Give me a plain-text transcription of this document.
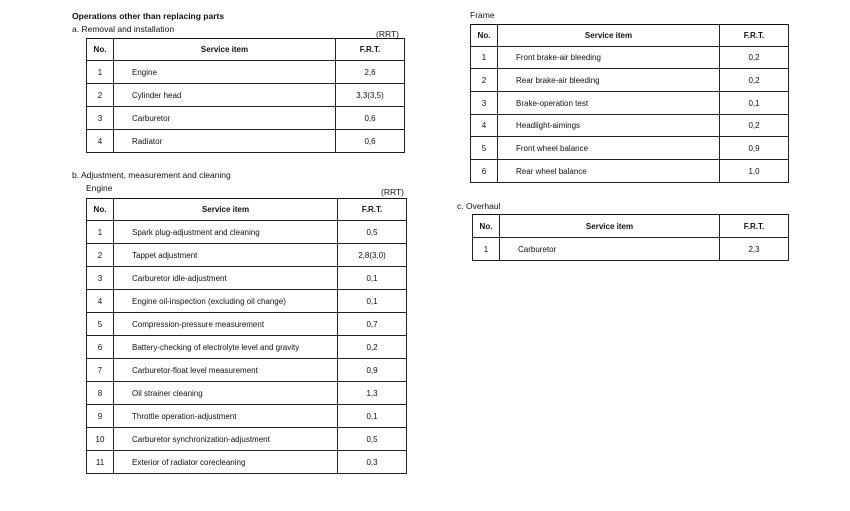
Operations other than replacing parts
a. Removal and installation	(RRT)
No.	Service item	F.R.T.
1	Engine	2,6
2	Cylinder head	3,3(3,5)
3	Carburetor	0,6
4	Radiator	0,6
b. Adjustment, measurement and cleaning
Engine	(RRT)
No.	Service item	F.R.T.
1	Spark plug-adjustment and cleaning	0,5
2	Tappet adjustment	2,8(3,0)
3	Carburetor idle-adjustment	0,1
4	Engine oil-inspection (excluding oil change)	0,1
5	Compression-pressure measurement	0,7
6	Battery-checking of electrolyte level and gravity	0,2
7	Carburetor-float level measurement	0,9
8	Oil strainer cleaning	1,3
9	Throttle operation-adjustment	0,1
10	Carburetor synchronization-adjustment	0,5
11	Exterior of radiator corecleaning	0,3
Frame
No.	Service item	F.R.T.
1	Front brake-air bleeding	0,2
2	Rear brake-air bleeding	0,2
3	Brake-operation test	0,1
4	Headlight-aimings	0,2
5	Front wheel balance	0,9
6	Rear wheel balance	1,0
c. Overhaul
No.	Service item	F.R.T.
1	Carburetor	2,3
